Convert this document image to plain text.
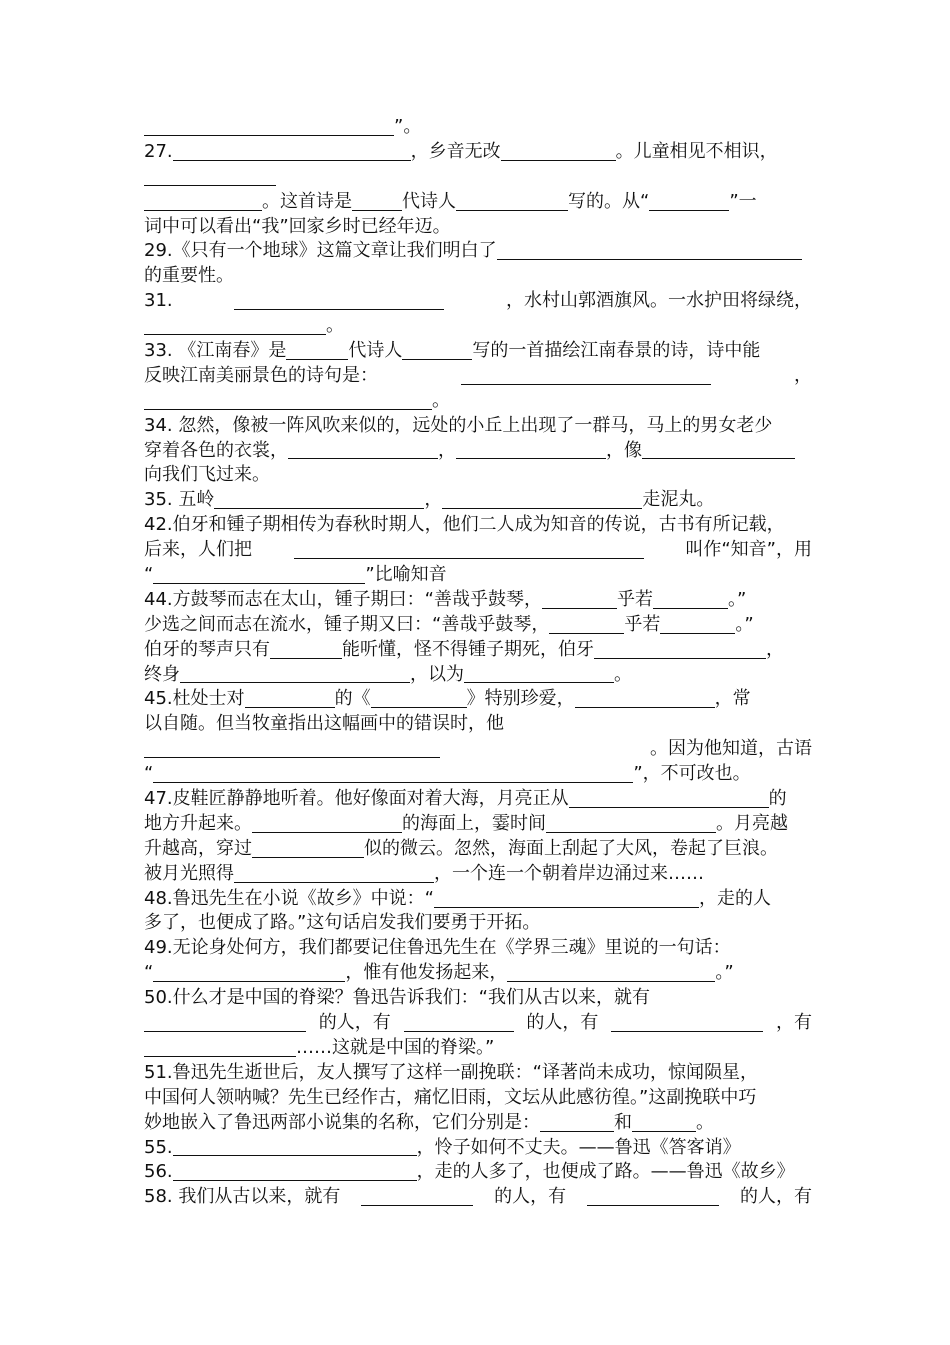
”。
27.	，乡音无改	。儿童相见不相识，
。这首诗是	代诗人	写的。从“	”一
词中可以看出“我”回家乡时已经年迈。
29.《只有一个地球》这篇文章让我们明白了
的重要性。
31.	，水村山郭酒旗风。一水护田将绿绕，
。
33. 《江南春》是	代诗人	写的一首描绘江南春景的诗，诗中能
反映江南美丽景色的诗句是：	，
。
34. 忽然，像被一阵风吹来似的，远处的小丘上出现了一群马，马上的男女老少
穿着各色的衣裳，	，	，像
向我们飞过来。
35. 五岭	，	走泥丸。
42.伯牙和锺子期相传为春秋时期人，他们二人成为知音的传说，古书有所记载，
后来，人们把	叫作“知音”，用
“	”比喻知音
44.方鼓琴而志在太山，锺子期曰：“善哉乎鼓琴，	乎若	。”
少选之间而志在流水，锺子期又曰：“善哉乎鼓琴，	乎若	。”
伯牙的琴声只有	能听懂，怪不得锺子期死，伯牙	，
终身	，以为	。
45.杜处士对	的《	》特别珍爱，	，常
以自随。但当牧童指出这幅画中的错误时，他
。因为他知道，古语
“	”，不可改也。
47.皮鞋匠静静地听着。他好像面对着大海，月亮正从	的
地方升起来。	的海面上，霎时间	。月亮越
升越高，穿过	似的微云。忽然，海面上刮起了大风，卷起了巨浪。
被月光照得	，一个连一个朝着岸边涌过来……
48.鲁迅先生在小说《故乡》中说：“	，走的人
多了，也便成了路。”这句话启发我们要勇于开拓。
49.无论身处何方，我们都要记住鲁迅先生在《学界三魂》里说的一句话：
“	，惟有他发扬起来，	。”
50.什么才是中国的脊梁？鲁迅告诉我们：“我们从古以来，就有
的人，有	的人，有	，有
……这就是中国的脊梁。”
51.鲁迅先生逝世后，友人撰写了这样一副挽联：“译著尚未成功，惊闻陨星，
中国何人领呐喊？先生已经作古，痛忆旧雨，文坛从此感彷徨。”这副挽联中巧
妙地嵌入了鲁迅两部小说集的名称，它们分别是：	和	。
55.	，怜子如何不丈夫。——鲁迅《答客诮》
56.	，走的人多了，也便成了路。——鲁迅《故乡》
58. 我们从古以来，就有	的人，有	的人，有
